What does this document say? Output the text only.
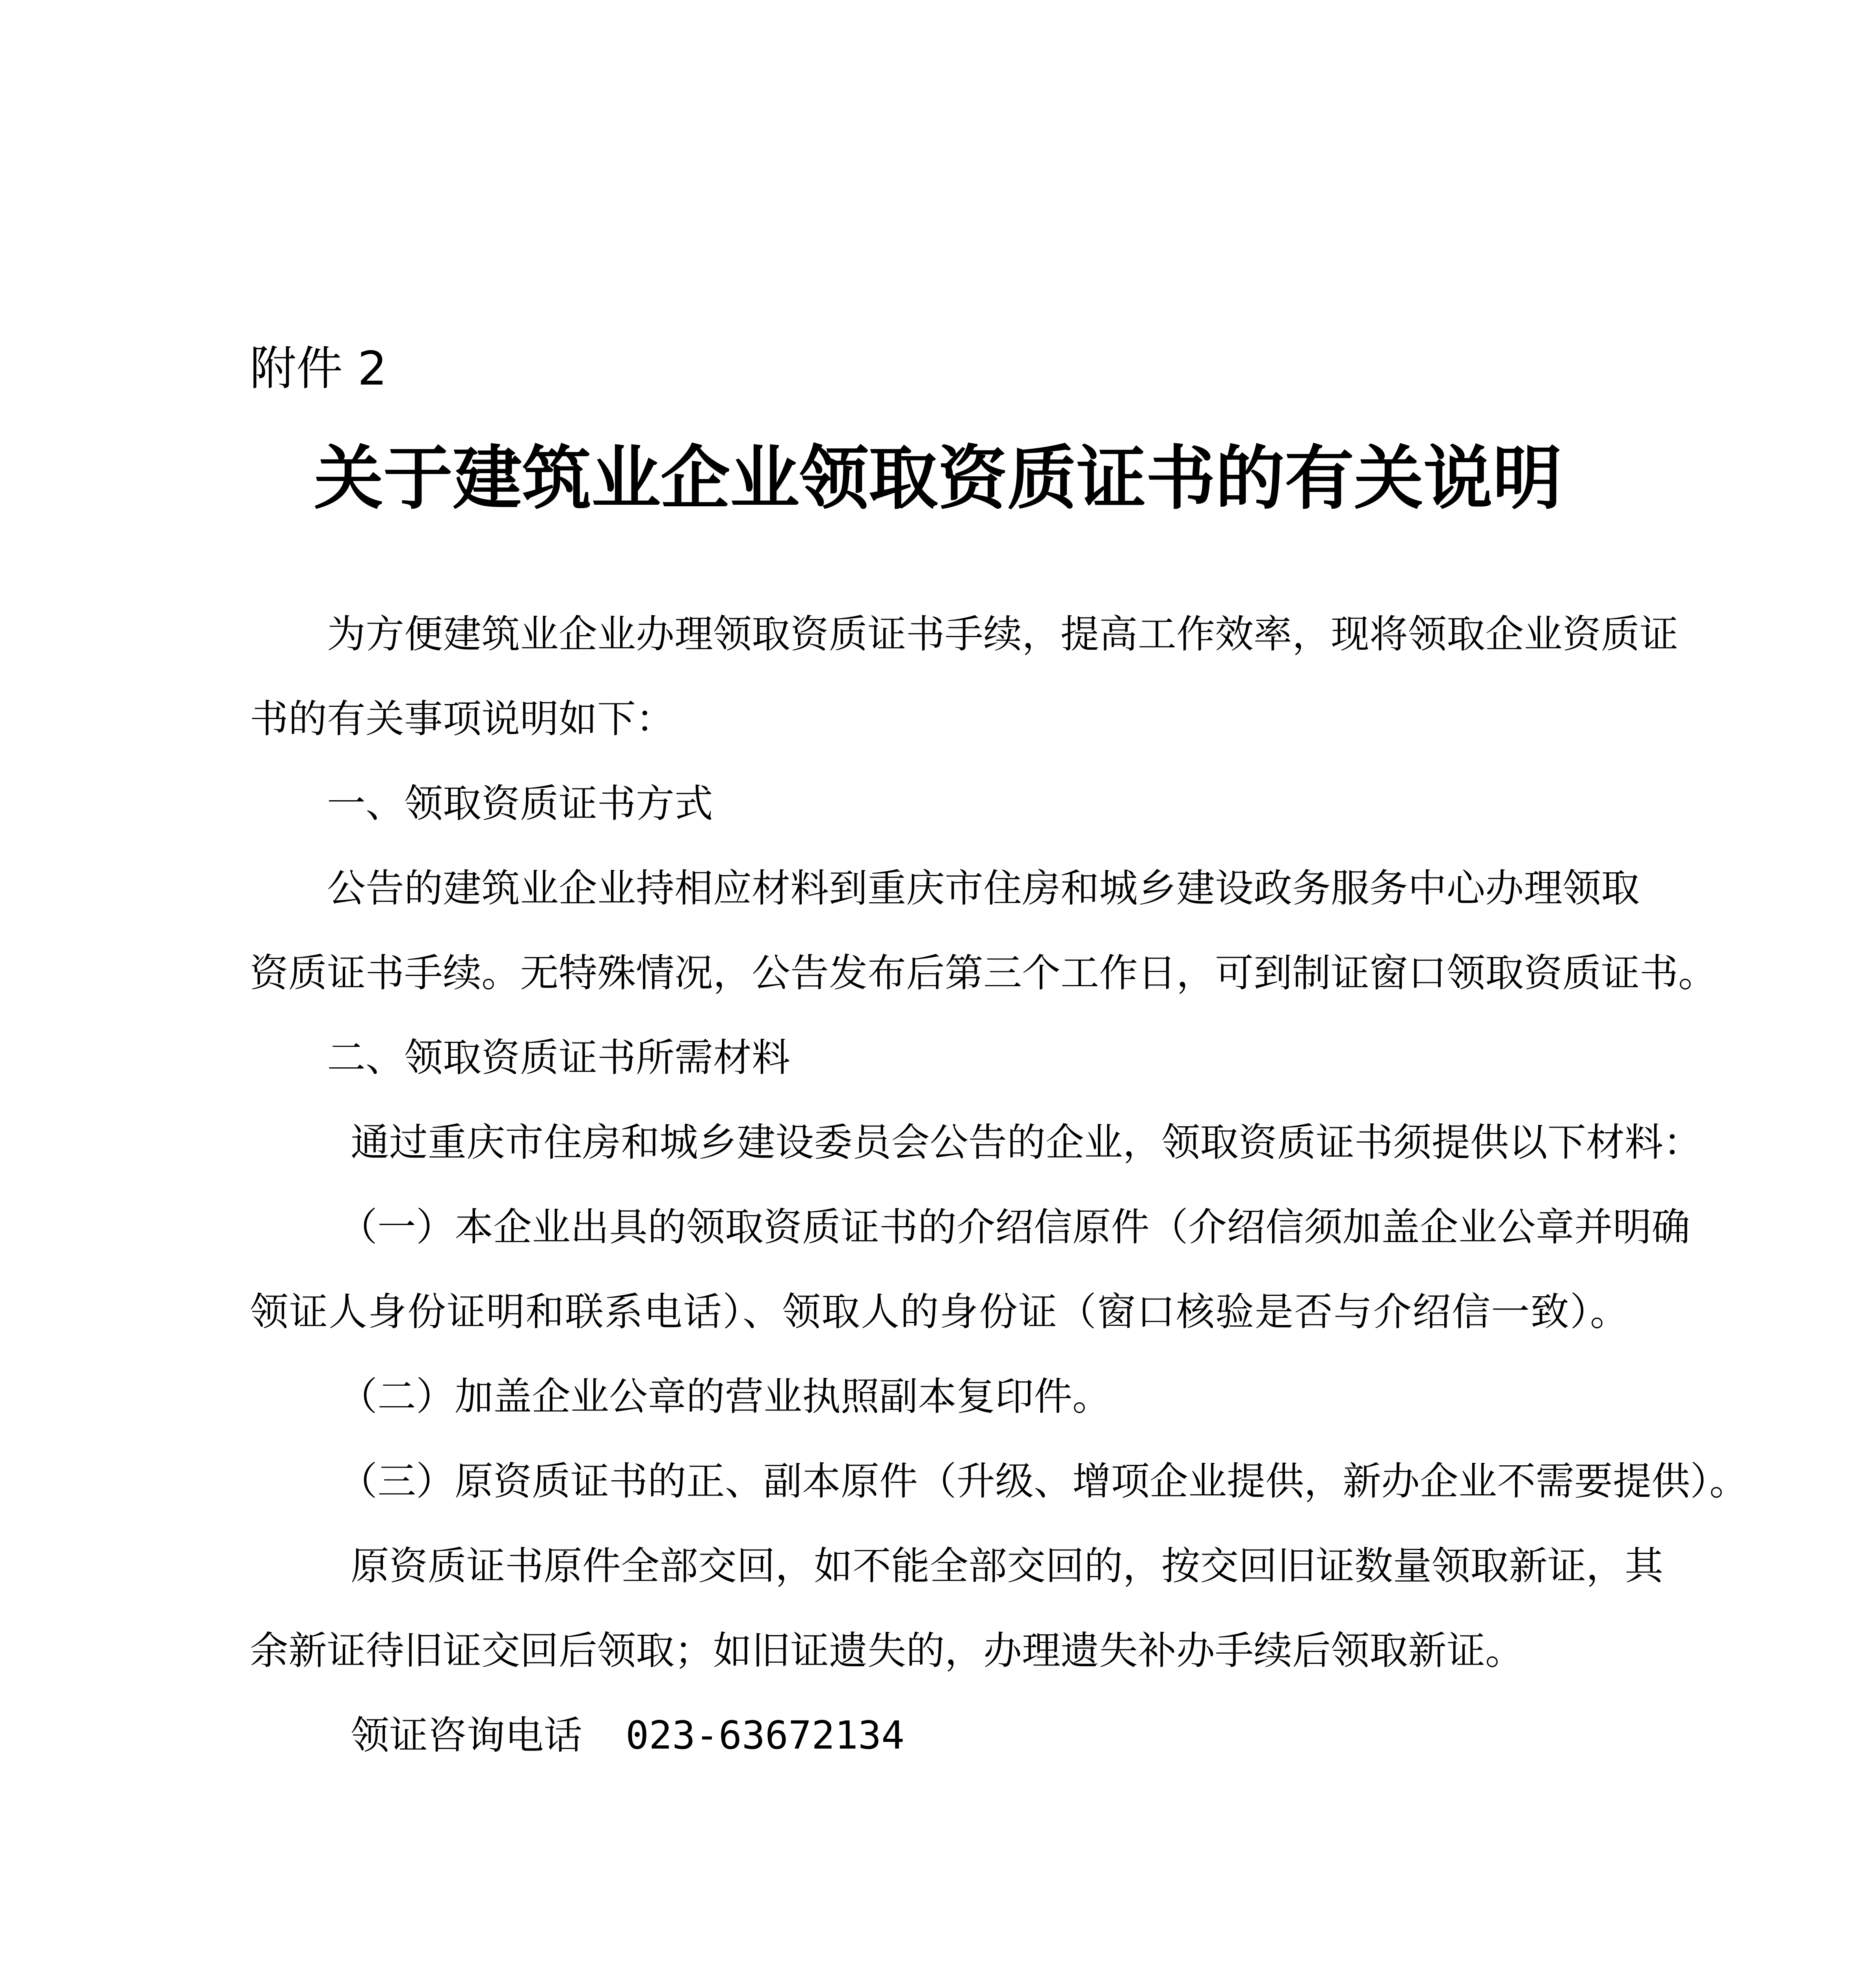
附件 2
关于建筑业企业领取资质证书的有关说明
为方便建筑业企业办理领取资质证书手续，提高工作效率，现将领取企业资质证
书的有关事项说明如下：
一、领取资质证书方式
公告的建筑业企业持相应材料到重庆市住房和城乡建设政务服务中心办理领取
资质证书手续。无特殊情况，公告发布后第三个工作日，可到制证窗口领取资质证书。
二、领取资质证书所需材料
通过重庆市住房和城乡建设委员会公告的企业，领取资质证书须提供以下材料：
（一）本企业出具的领取资质证书的介绍信原件（介绍信须加盖企业公章并明确
领证人身份证明和联系电话）、领取人的身份证（窗口核验是否与介绍信一致）。
（二）加盖企业公章的营业执照副本复印件。
（三）原资质证书的正、副本原件（升级、增项企业提供，新办企业不需要提供）。
原资质证书原件全部交回，如不能全部交回的，按交回旧证数量领取新证，其
余新证待旧证交回后领取；如旧证遗失的，办理遗失补办手续后领取新证。
领证咨询电话 023-63672134
